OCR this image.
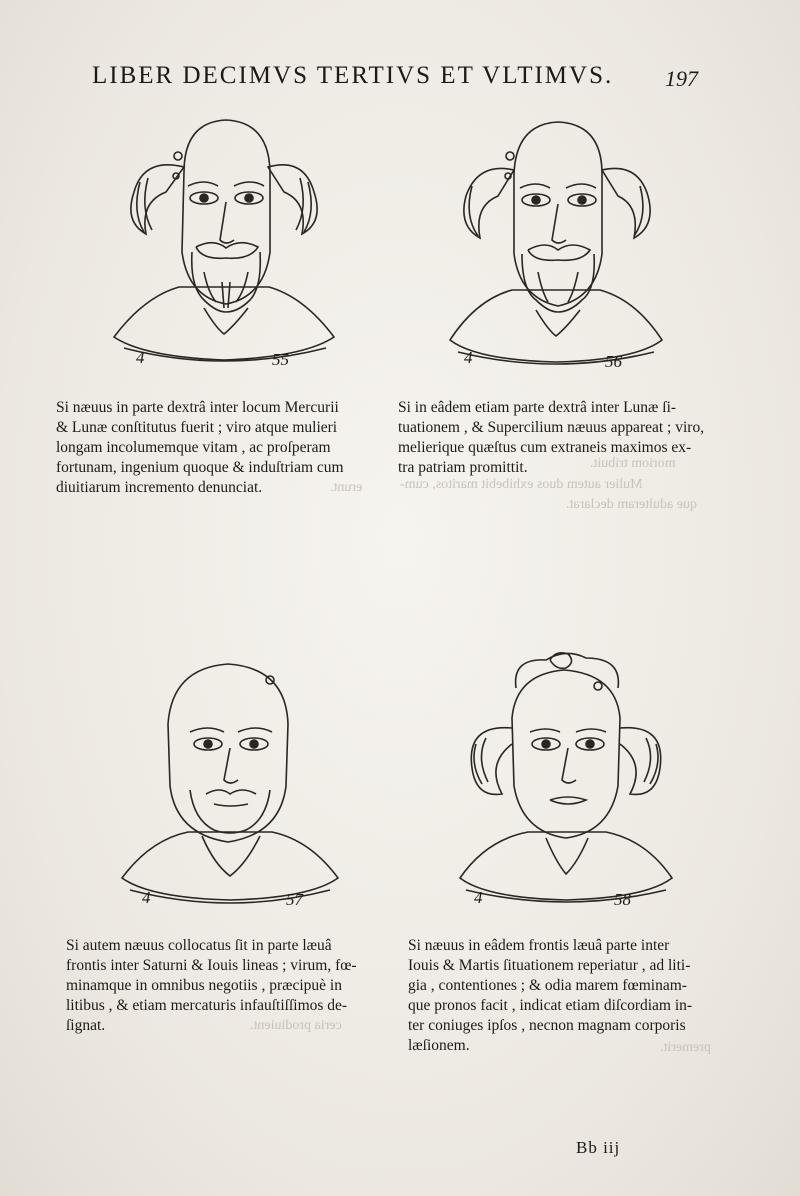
LIBER DECIMVS TERTIVS ET VLTIMVS.	197
moriom tribuit.
Mulier autem duos exhibebit maritos, cum-
que adulteram declarat.
erunt.
ceria prodiuient.
premerit.
4	55	4	56
Si næuus in parte dextrâ inter locum Mercurii
& Lunæ conſtitutus fuerit ; viro atque mulieri
longam incolumemque vitam , ac proſperam
fortunam, ingenium quoque & induſtriam cum
diuitiarum incremento denunciat.
Si in eâdem etiam parte dextrâ inter Lunæ ſi-
tuationem , & Supercilium næuus appareat ; viro,
melierique quæſtus cum extraneis maximos ex-
tra patriam promittit.
4	57	4	58
Si autem næuus collocatus ſit in parte læuâ
frontis inter Saturni & Iouis lineas ; virum, fœ-
minamque in omnibus negotiis , præcipuè in
litibus , & etiam mercaturis infauſtiſſimos de-
ſignat.
Si næuus in eâdem frontis læuâ parte inter
Iouis & Martis ſituationem reperiatur , ad liti-
gia , contentiones ; & odia marem fœminam-
que pronos facit , indicat etiam diſcordiam in-
ter coniuges ipſos , necnon magnam corporis
læſionem.
Bb iij
